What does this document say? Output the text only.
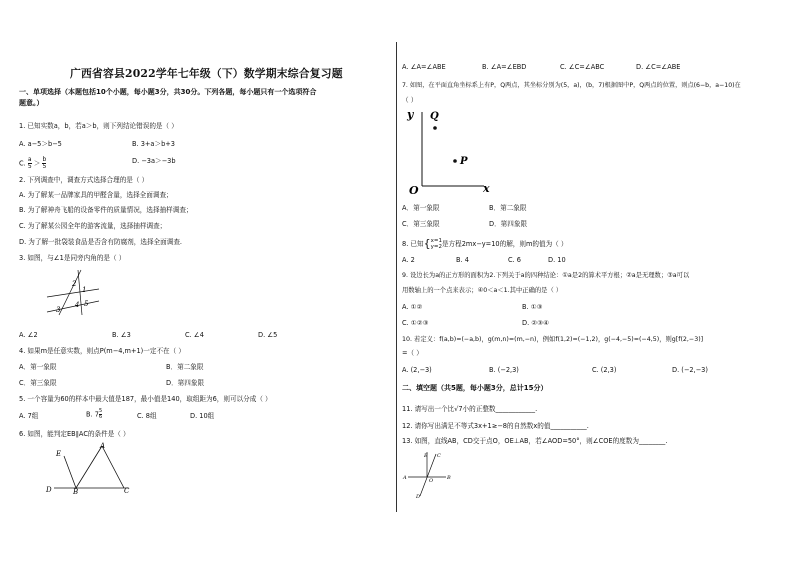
广西省容县2022学年七年级（下）数学期末综合复习题
一、单项选择（本题包括10个小题，每小题3分，共30分。下列各题，每小题只有一个选项符合
题意。）
1. 已知实数a，b，若a＞b，则下列结论错误的是（ ）
A. a−5＞b−5	B. 3+a＞b+3
C. $\frac{a}{5} > \frac{b}{5}$	D. −3a＞−3b
2. 下列调查中，调查方式选择合理的是（ ）
A. 为了解某一品牌家具的甲醛含量，选择全面调查；
B. 为了解神舟飞船的设备零件的质量情况，选择抽样调查；
C. 为了解某公园全年的游客流量，选择抽样调查；
D. 为了解一批袋装食品是否含有防腐剂，选择全面调查.
3. 如图，与∠1是同旁内角的是（ ）
2
1
4 5
3
A. ∠2	B. ∠3	C. ∠4	D. ∠5
4. 如果m是任意实数，则点P(m−4,m+1)一定不在（ ）
A．第一象限	B．第二象限
C．第三象限	D．第四象限
5. 一个容量为60的样本中最大值是187，最小值是140，取组距为6，则可以分成（ ）
A. 7组	B. $7 \frac{5}{6}$	C. 8组	D. 10组
6. 如图，能判定EB∥AC的条件是（ ）
E
A
D	B	C
A. ∠A=∠ABE	B. ∠A=∠EBD	C. ∠C=∠ABC	D. ∠C=∠ABE
7. 如图，在平面直角坐标系上有P，Q两点，其坐标分别为(5，a)，(b，7)根据图中P，Q两点的位置，则点(6−b，a−10)在
（ ）
y
x
O
Q
P
A．第一象限	B．第二象限
C．第三象限	D．第四象限
8. 已知{ x=1
y=2 是方程2mx−y=10的解，则m的值为（ ）
A. 2	B. 4	C. 6	D. 10
9. 设边长为a的正方形的面积为2.下列关于a的四种结论：①a是2的算术平方根；②a是无理数；③a可以
用数轴上的一个点来表示；④0＜a＜1.其中正确的是（ ）
A. ①②	B. ①③
C. ①②③	D. ②③④
10. 若定义：f(a,b)=(−a,b)，g(m,n)=(m,−n)，例如f(1,2)=(−1,2)，g(−4,−5)=(−4,5)，则g[f(2,−3)]
=（ ）
A. (2,−3)	B. (−2,3)	C. (2,3)	D. (−2,−3)
二、填空题（共5题，每小题3分，总计15分）
11. 请写出一个比√7小的正整数____________.
12. 请你写出满足不等式3x+1≥−8的自然数x的值___________.
13. 如图，直线AB，CD交于点O，OE⊥AB，若∠AOD=50°，则∠COE的度数为________.
E C
A	O	B
D
